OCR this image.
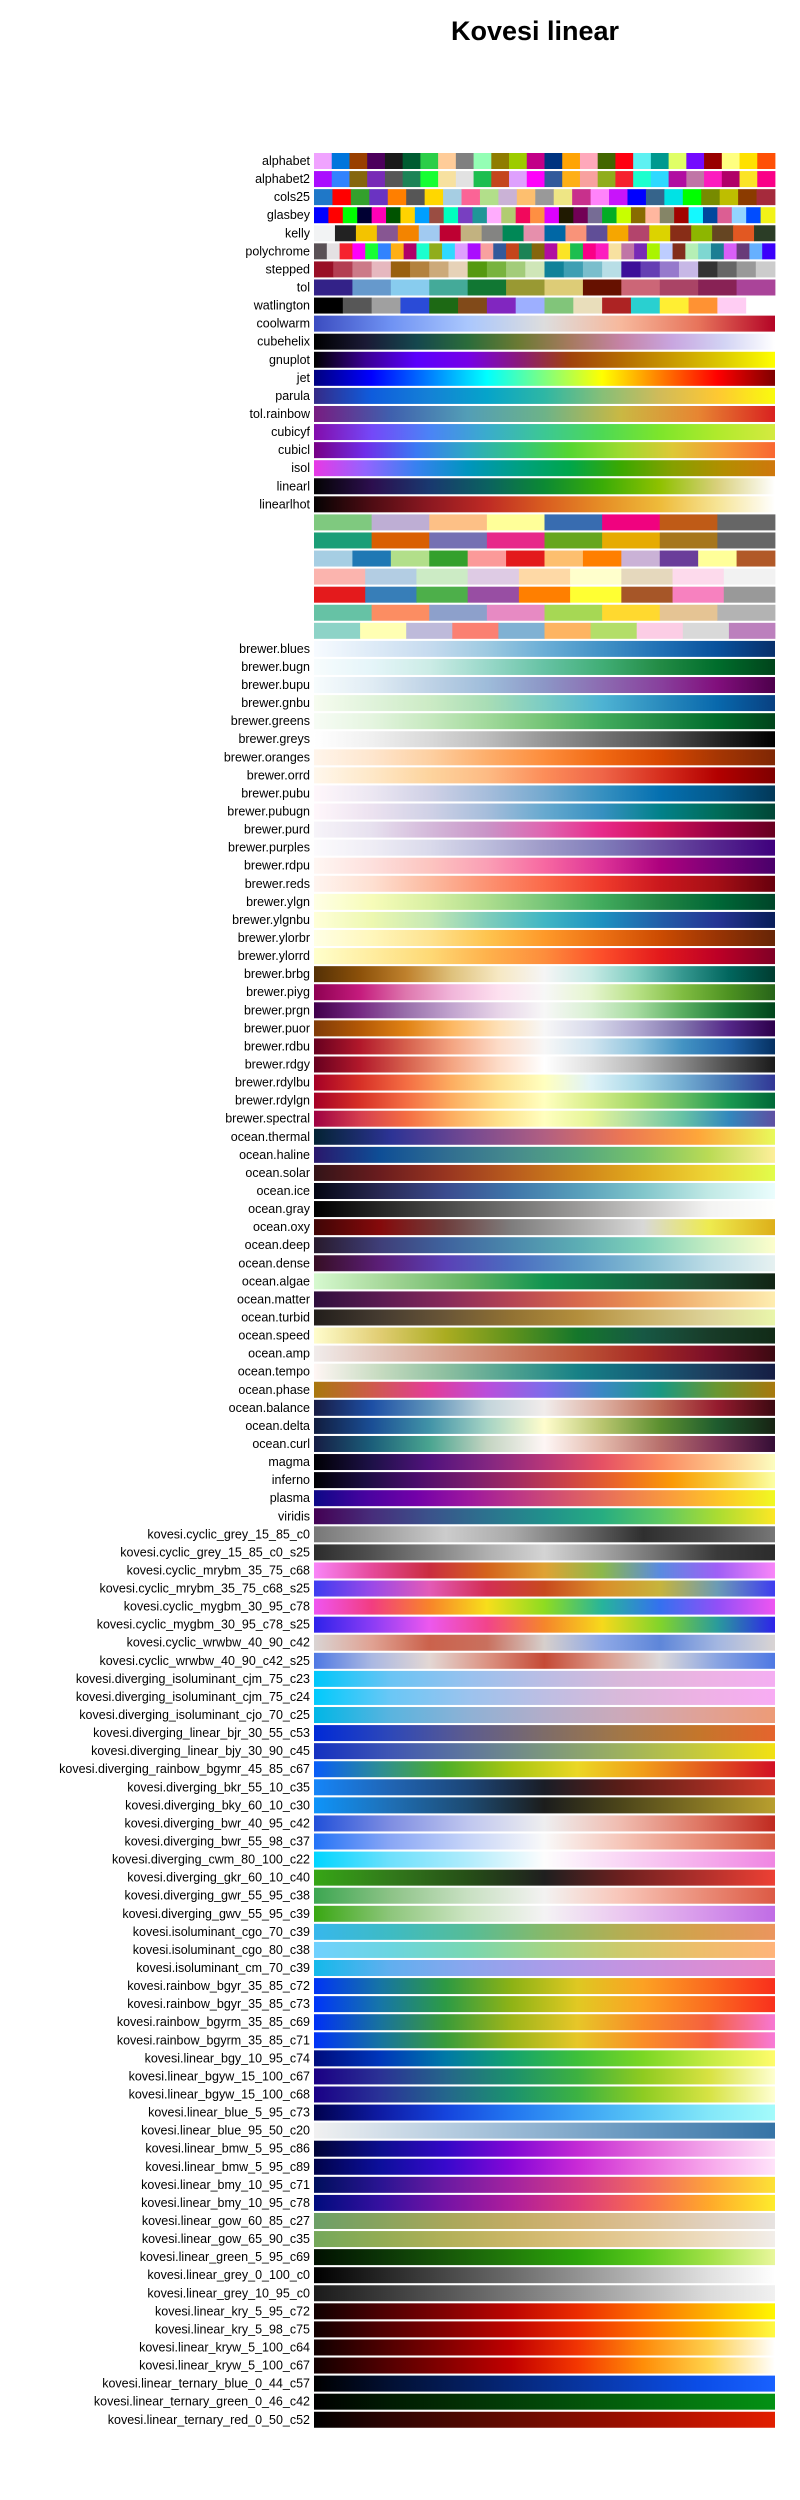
Kovesi linear
alphabet
alphabet2
cols25
glasbey
kelly
polychrome
stepped
tol
watlington
coolwarm
cubehelix
gnuplot
jet
parula
tol.rainbow
cubicyf
cubicl
isol
linearl
linearlhot
brewer.blues
brewer.bugn
brewer.bupu
brewer.gnbu
brewer.greens
brewer.greys
brewer.oranges
brewer.orrd
brewer.pubu
brewer.pubugn
brewer.purd
brewer.purples
brewer.rdpu
brewer.reds
brewer.ylgn
brewer.ylgnbu
brewer.ylorbr
brewer.ylorrd
brewer.brbg
brewer.piyg
brewer.prgn
brewer.puor
brewer.rdbu
brewer.rdgy
brewer.rdylbu
brewer.rdylgn
brewer.spectral
ocean.thermal
ocean.haline
ocean.solar
ocean.ice
ocean.gray
ocean.oxy
ocean.deep
ocean.dense
ocean.algae
ocean.matter
ocean.turbid
ocean.speed
ocean.amp
ocean.tempo
ocean.phase
ocean.balance
ocean.delta
ocean.curl
magma
inferno
plasma
viridis
kovesi.cyclic_grey_15_85_c0
kovesi.cyclic_grey_15_85_c0_s25
kovesi.cyclic_mrybm_35_75_c68
kovesi.cyclic_mrybm_35_75_c68_s25
kovesi.cyclic_mygbm_30_95_c78
kovesi.cyclic_mygbm_30_95_c78_s25
kovesi.cyclic_wrwbw_40_90_c42
kovesi.cyclic_wrwbw_40_90_c42_s25
kovesi.diverging_isoluminant_cjm_75_c23
kovesi.diverging_isoluminant_cjm_75_c24
kovesi.diverging_isoluminant_cjo_70_c25
kovesi.diverging_linear_bjr_30_55_c53
kovesi.diverging_linear_bjy_30_90_c45
kovesi.diverging_rainbow_bgymr_45_85_c67
kovesi.diverging_bkr_55_10_c35
kovesi.diverging_bky_60_10_c30
kovesi.diverging_bwr_40_95_c42
kovesi.diverging_bwr_55_98_c37
kovesi.diverging_cwm_80_100_c22
kovesi.diverging_gkr_60_10_c40
kovesi.diverging_gwr_55_95_c38
kovesi.diverging_gwv_55_95_c39
kovesi.isoluminant_cgo_70_c39
kovesi.isoluminant_cgo_80_c38
kovesi.isoluminant_cm_70_c39
kovesi.rainbow_bgyr_35_85_c72
kovesi.rainbow_bgyr_35_85_c73
kovesi.rainbow_bgyrm_35_85_c69
kovesi.rainbow_bgyrm_35_85_c71
kovesi.linear_bgy_10_95_c74
kovesi.linear_bgyw_15_100_c67
kovesi.linear_bgyw_15_100_c68
kovesi.linear_blue_5_95_c73
kovesi.linear_blue_95_50_c20
kovesi.linear_bmw_5_95_c86
kovesi.linear_bmw_5_95_c89
kovesi.linear_bmy_10_95_c71
kovesi.linear_bmy_10_95_c78
kovesi.linear_gow_60_85_c27
kovesi.linear_gow_65_90_c35
kovesi.linear_green_5_95_c69
kovesi.linear_grey_0_100_c0
kovesi.linear_grey_10_95_c0
kovesi.linear_kry_5_95_c72
kovesi.linear_kry_5_98_c75
kovesi.linear_kryw_5_100_c64
kovesi.linear_kryw_5_100_c67
kovesi.linear_ternary_blue_0_44_c57
kovesi.linear_ternary_green_0_46_c42
kovesi.linear_ternary_red_0_50_c52
